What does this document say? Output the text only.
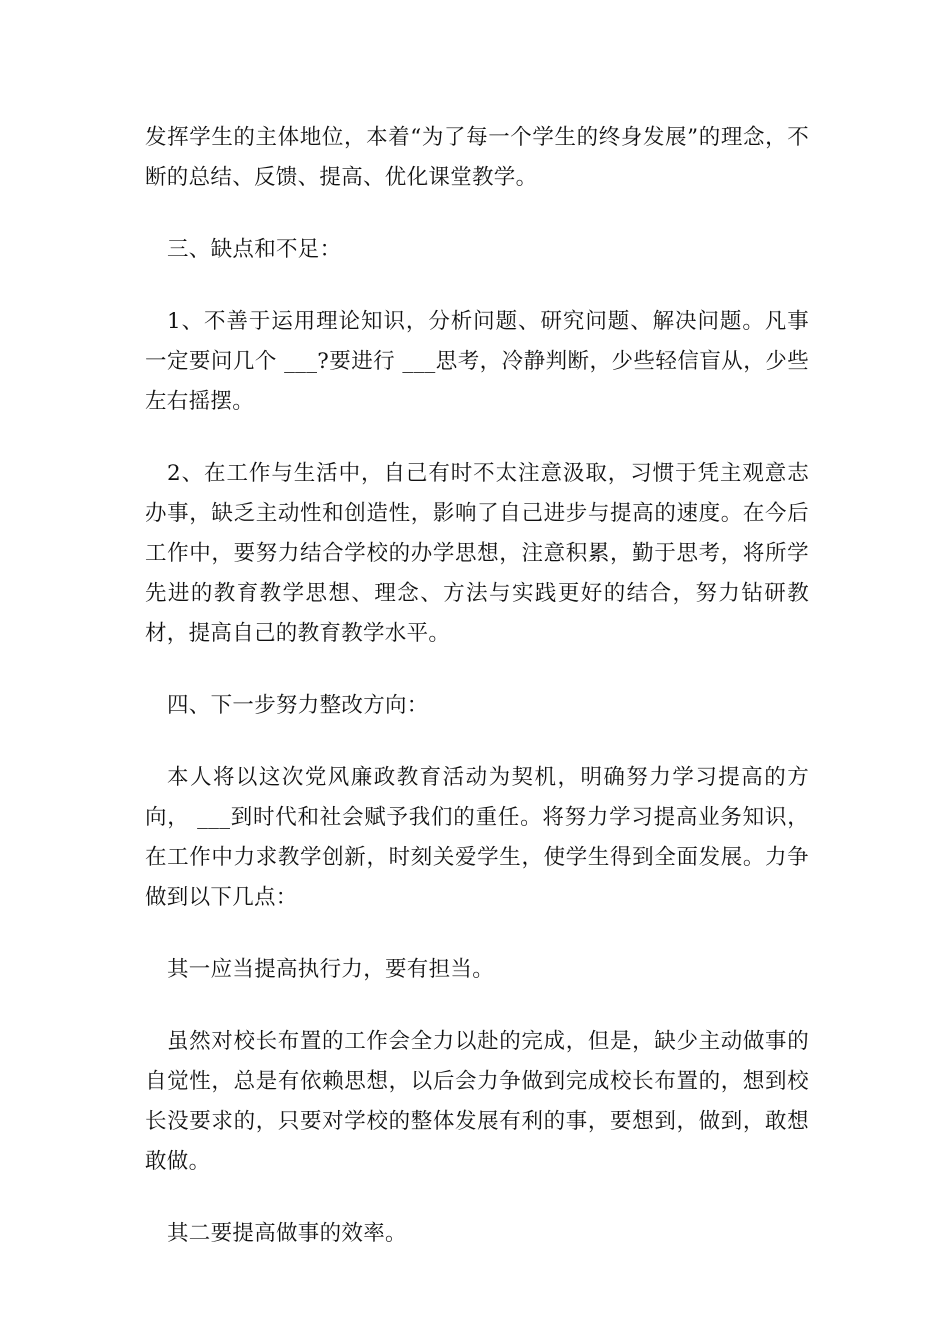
发挥学生的主体地位，本着“为了每一个学生的终身发展”的理念，不断的总结、反馈、提高、优化课堂教学。

三、缺点和不足：

1、不善于运用理论知识，分析问题、研究问题、解决问题。凡事一定要问几个 ___?要进行 ___思考，冷静判断，少些轻信盲从，少些左右摇摆。

2、在工作与生活中，自己有时不太注意汲取，习惯于凭主观意志办事，缺乏主动性和创造性，影响了自己进步与提高的速度。在今后工作中，要努力结合学校的办学思想，注意积累，勤于思考，将所学先进的教育教学思想、理念、方法与实践更好的结合，努力钻研教材，提高自己的教育教学水平。

四、下一步努力整改方向：

本人将以这次党风廉政教育活动为契机，明确努力学习提高的方向， ___到时代和社会赋予我们的重任。将努力学习提高业务知识，在工作中力求教学创新，时刻关爱学生，使学生得到全面发展。力争做到以下几点：

其一应当提高执行力，要有担当。

虽然对校长布置的工作会全力以赴的完成，但是，缺少主动做事的自觉性，总是有依赖思想，以后会力争做到完成校长布置的，想到校长没要求的，只要对学校的整体发展有利的事，要想到，做到，敢想敢做。

其二要提高做事的效率。
